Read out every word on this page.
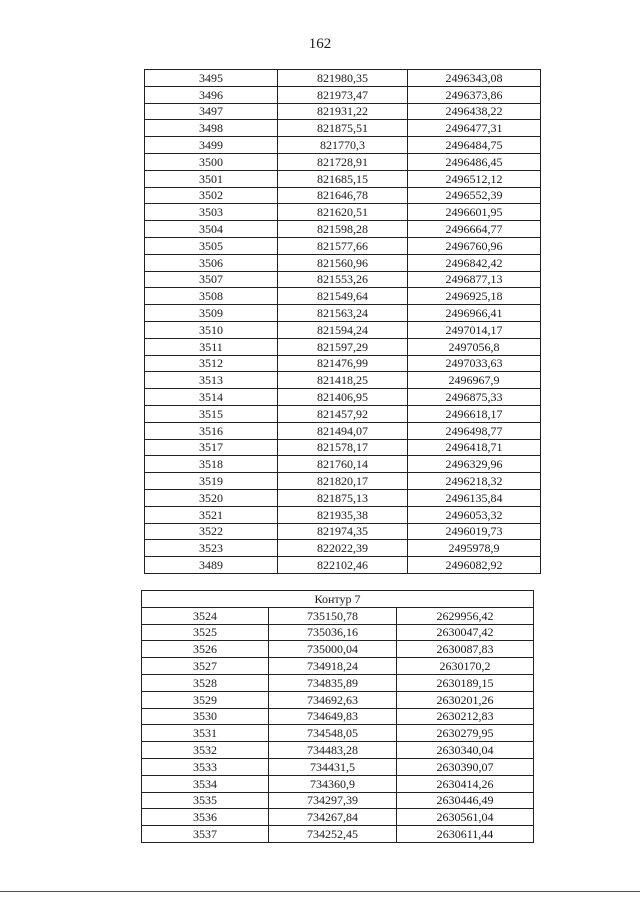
162
3495	821980,35	2496343,08
3496	821973,47	2496373,86
3497	821931,22	2496438,22
3498	821875,51	2496477,31
3499	821770,3	2496484,75
3500	821728,91	2496486,45
3501	821685,15	2496512,12
3502	821646,78	2496552,39
3503	821620,51	2496601,95
3504	821598,28	2496664,77
3505	821577,66	2496760,96
3506	821560,96	2496842,42
3507	821553,26	2496877,13
3508	821549,64	2496925,18
3509	821563,24	2496966,41
3510	821594,24	2497014,17
3511	821597,29	2497056,8
3512	821476,99	2497033,63
3513	821418,25	2496967,9
3514	821406,95	2496875,33
3515	821457,92	2496618,17
3516	821494,07	2496498,77
3517	821578,17	2496418,71
3518	821760,14	2496329,96
3519	821820,17	2496218,32
3520	821875,13	2496135,84
3521	821935,38	2496053,32
3522	821974,35	2496019,73
3523	822022,39	2495978,9
3489	822102,46	2496082,92
Контур 7		
3524	735150,78	2629956,42
3525	735036,16	2630047,42
3526	735000,04	2630087,83
3527	734918,24	2630170,2
3528	734835,89	2630189,15
3529	734692,63	2630201,26
3530	734649,83	2630212,83
3531	734548,05	2630279,95
3532	734483,28	2630340,04
3533	734431,5	2630390,07
3534	734360,9	2630414,26
3535	734297,39	2630446,49
3536	734267,84	2630561,04
3537	734252,45	2630611,44
